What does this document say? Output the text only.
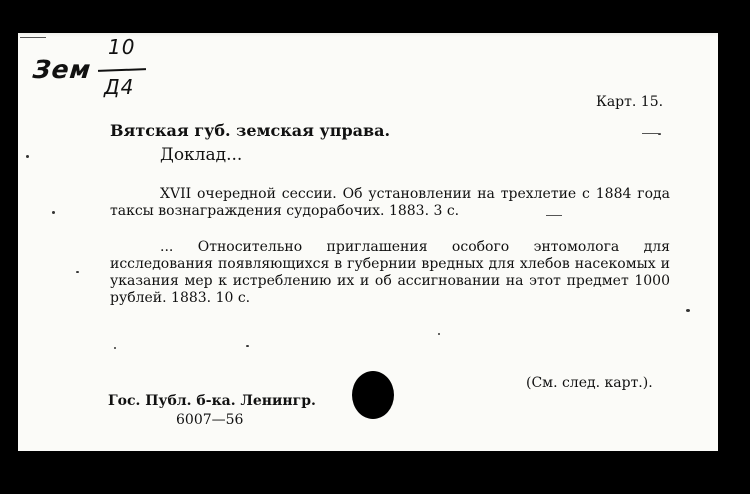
Зем
10
Д4
Карт. 15.
Вятская губ. земская управа.
Доклад...
XVII очередной сессии. Об установлении на трехлетие с 1884 года таксы вознаграждения судорабочих. 1883. 3 с.
... Относительно приглашения особого энтомолога для исследования появляющихся в губернии вредных для хлебов насекомых и указания мер к истреблению их и об ассигновании на этот предмет 1000 рублей. 1883. 10 с.
(См. след. карт.).
Гос. Публ. б-ка. Ленингр.
6007—56
